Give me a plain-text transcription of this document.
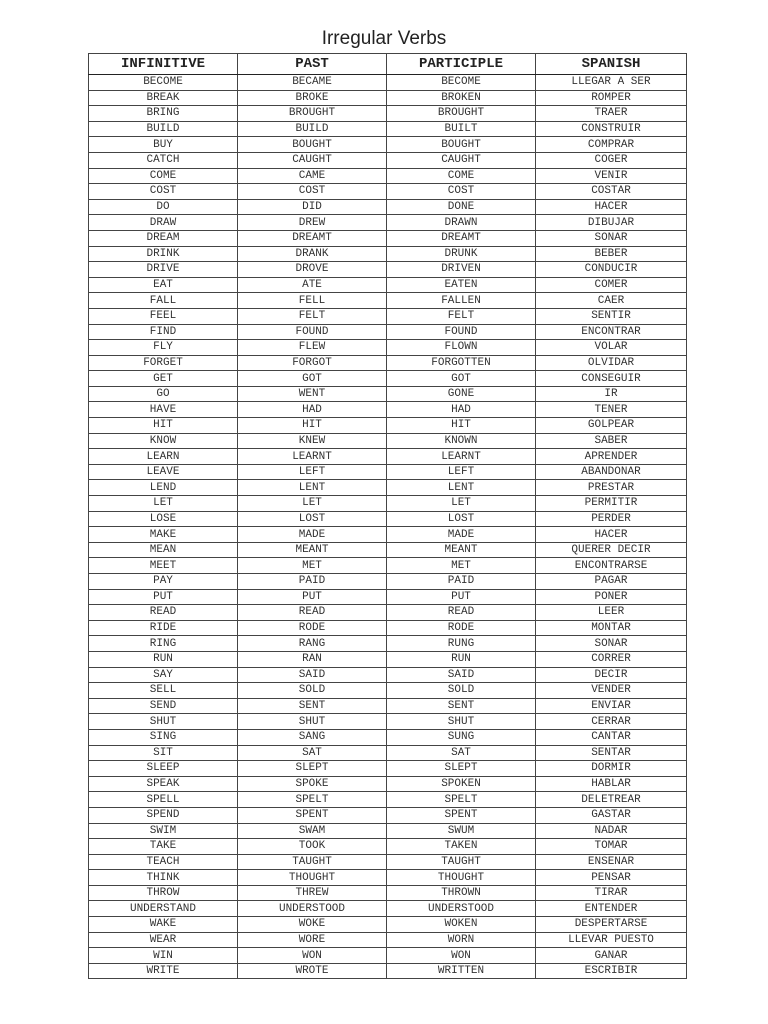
Irregular Verbs
INFINITIVE	PAST	PARTICIPLE	SPANISH
BECOME	BECAME	BECOME	LLEGAR A SER
BREAK	BROKE	BROKEN	ROMPER
BRING	BROUGHT	BROUGHT	TRAER
BUILD	BUILD	BUILT	CONSTRUIR
BUY	BOUGHT	BOUGHT	COMPRAR
CATCH	CAUGHT	CAUGHT	COGER
COME	CAME	COME	VENIR
COST	COST	COST	COSTAR
DO	DID	DONE	HACER
DRAW	DREW	DRAWN	DIBUJAR
DREAM	DREAMT	DREAMT	SONAR
DRINK	DRANK	DRUNK	BEBER
DRIVE	DROVE	DRIVEN	CONDUCIR
EAT	ATE	EATEN	COMER
FALL	FELL	FALLEN	CAER
FEEL	FELT	FELT	SENTIR
FIND	FOUND	FOUND	ENCONTRAR
FLY	FLEW	FLOWN	VOLAR
FORGET	FORGOT	FORGOTTEN	OLVIDAR
GET	GOT	GOT	CONSEGUIR
GO	WENT	GONE	IR
HAVE	HAD	HAD	TENER
HIT	HIT	HIT	GOLPEAR
KNOW	KNEW	KNOWN	SABER
LEARN	LEARNT	LEARNT	APRENDER
LEAVE	LEFT	LEFT	ABANDONAR
LEND	LENT	LENT	PRESTAR
LET	LET	LET	PERMITIR
LOSE	LOST	LOST	PERDER
MAKE	MADE	MADE	HACER
MEAN	MEANT	MEANT	QUERER DECIR
MEET	MET	MET	ENCONTRARSE
PAY	PAID	PAID	PAGAR
PUT	PUT	PUT	PONER
READ	READ	READ	LEER
RIDE	RODE	RODE	MONTAR
RING	RANG	RUNG	SONAR
RUN	RAN	RUN	CORRER
SAY	SAID	SAID	DECIR
SELL	SOLD	SOLD	VENDER
SEND	SENT	SENT	ENVIAR
SHUT	SHUT	SHUT	CERRAR
SING	SANG	SUNG	CANTAR
SIT	SAT	SAT	SENTAR
SLEEP	SLEPT	SLEPT	DORMIR
SPEAK	SPOKE	SPOKEN	HABLAR
SPELL	SPELT	SPELT	DELETREAR
SPEND	SPENT	SPENT	GASTAR
SWIM	SWAM	SWUM	NADAR
TAKE	TOOK	TAKEN	TOMAR
TEACH	TAUGHT	TAUGHT	ENSENAR
THINK	THOUGHT	THOUGHT	PENSAR
THROW	THREW	THROWN	TIRAR
UNDERSTAND	UNDERSTOOD	UNDERSTOOD	ENTENDER
WAKE	WOKE	WOKEN	DESPERTARSE
WEAR	WORE	WORN	LLEVAR PUESTO
WIN	WON	WON	GANAR
WRITE	WROTE	WRITTEN	ESCRIBIR
